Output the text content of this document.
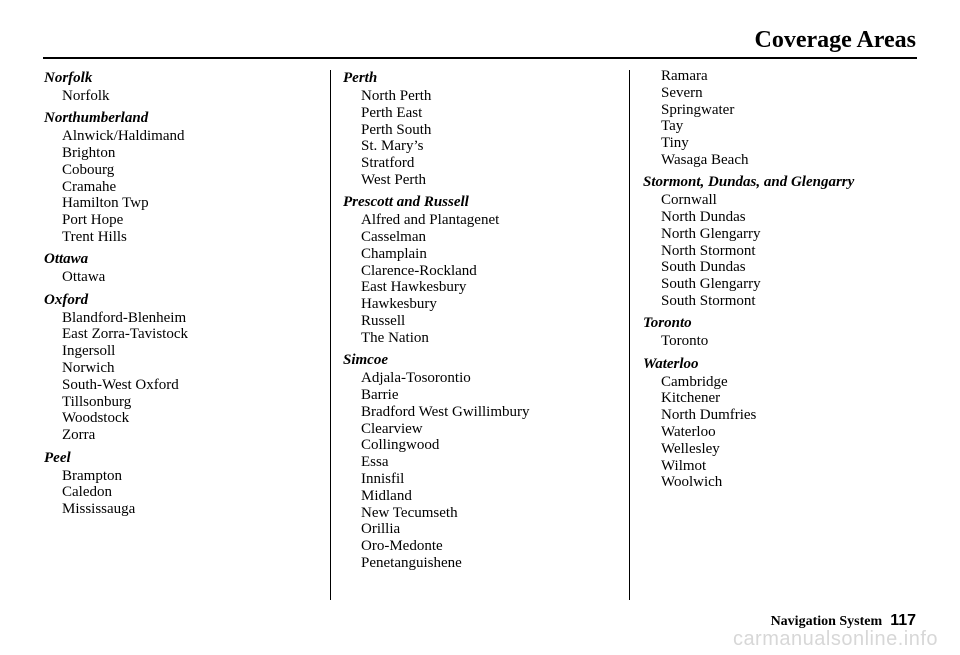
Coverage Areas
Norfolk
Norfolk
Northumberland
Alnwick/Haldimand
Brighton
Cobourg
Cramahe
Hamilton Twp
Port Hope
Trent Hills
Ottawa
Ottawa
Oxford
Blandford-Blenheim
East Zorra-Tavistock
Ingersoll
Norwich
South-West Oxford
Tillsonburg
Woodstock
Zorra
Peel
Brampton
Caledon
Mississauga
Perth
North Perth
Perth East
Perth South
St. Mary’s
Stratford
West Perth
Prescott and Russell
Alfred and Plantagenet
Casselman
Champlain
Clarence-Rockland
East Hawkesbury
Hawkesbury
Russell
The Nation
Simcoe
Adjala-Tosorontio
Barrie
Bradford West Gwillimbury
Clearview
Collingwood
Essa
Innisfil
Midland
New Tecumseth
Orillia
Oro-Medonte
Penetanguishene
Ramara
Severn
Springwater
Tay
Tiny
Wasaga Beach
Stormont, Dundas, and Glengarry
Cornwall
North Dundas
North Glengarry
North Stormont
South Dundas
South Glengarry
South Stormont
Toronto
Toronto
Waterloo
Cambridge
Kitchener
North Dumfries
Waterloo
Wellesley
Wilmot
Woolwich
Navigation System 117
carmanualsonline.info
